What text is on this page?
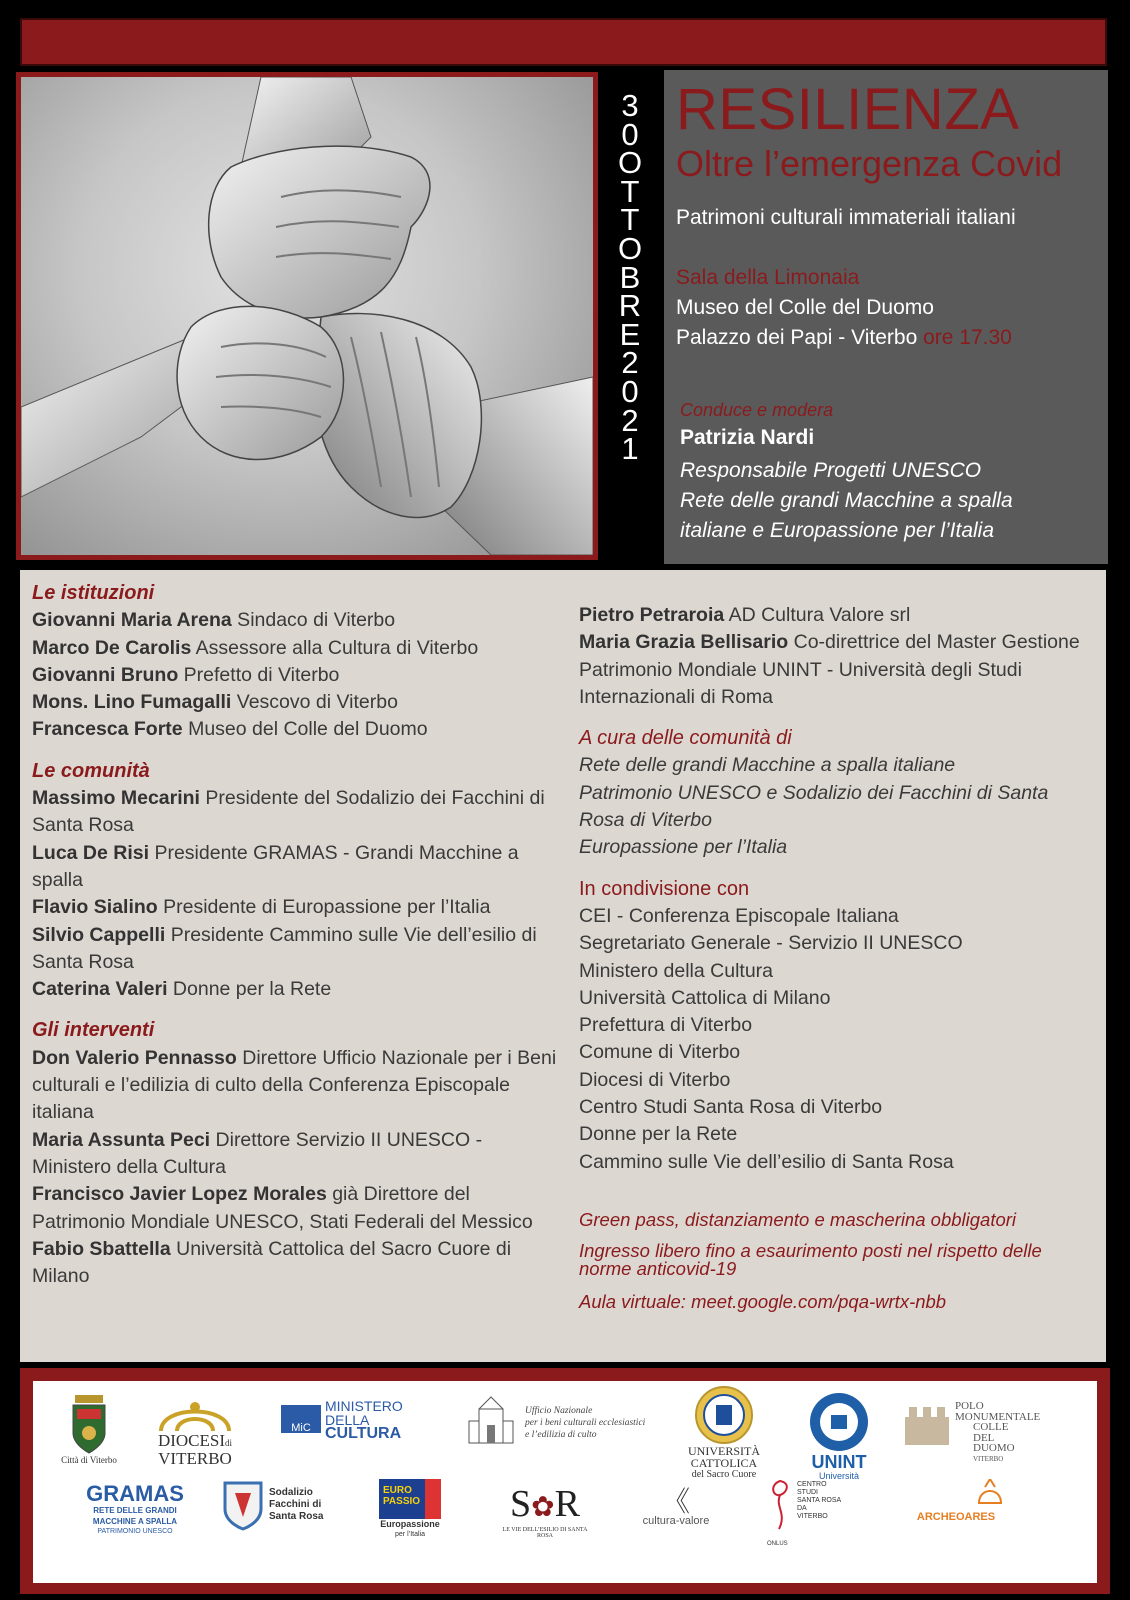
3
0
O
T
T
O
B
R
E
2
0
2
1
RESILIENZA
Oltre l’emergenza Covid
Patrimoni culturali immateriali italiani
Sala della Limonaia
Museo del Colle del Duomo
Palazzo dei Papi - Viterbo ore 17.30
Conduce e modera
Patrizia Nardi
Responsabile Progetti UNESCO
Rete delle grandi Macchine a spalla
italiane e Europassione per l’Italia
Le istituzioni
Giovanni Maria Arena Sindaco di Viterbo
Marco De Carolis Assessore alla Cultura di Viterbo
Giovanni Bruno Prefetto di Viterbo
Mons. Lino Fumagalli Vescovo di Viterbo
Francesca Forte Museo del Colle del Duomo
Le comunità
Massimo Mecarini Presidente del Sodalizio dei Facchini di Santa Rosa
Luca De Risi Presidente GRAMAS - Grandi Macchine a spalla
Flavio Sialino Presidente di Europassione per l’Italia
Silvio Cappelli Presidente Cammino sulle Vie dell’esilio di Santa Rosa
Caterina Valeri Donne per la Rete
Gli interventi
Don Valerio Pennasso Direttore Ufficio Nazionale per i Beni culturali e l’edilizia di culto della Conferenza Episcopale italiana
Maria Assunta Peci Direttore Servizio II UNESCO - Ministero della Cultura
Francisco Javier Lopez Morales già Direttore del Patrimonio Mondiale UNESCO, Stati Federali del Messico
Fabio Sbattella Università Cattolica del Sacro Cuore di Milano
Pietro Petraroia AD Cultura Valore srl
Maria Grazia Bellisario Co-direttrice del Master Gestione Patrimonio Mondiale UNINT - Università degli Studi Internazionali di Roma
A cura delle comunità di
Rete delle grandi Macchine a spalla italiane
Patrimonio UNESCO e Sodalizio dei Facchini di Santa Rosa di Viterbo
Europassione per l’Italia
In condivisione con
CEI - Conferenza Episcopale Italiana
Segretariato Generale - Servizio II UNESCO
Ministero della Cultura
Università Cattolica di Milano
Prefettura di Viterbo
Comune di Viterbo
Diocesi di Viterbo
Centro Studi Santa Rosa di Viterbo
Donne per la Rete
Cammino sulle Vie dell’esilio di Santa Rosa
Green pass, distanziamento e mascherina obbligatori
Ingresso libero fino a esaurimento posti nel rispetto delle norme anticovid-19
Aula virtuale: meet.google.com/pqa-wrtx-nbb
Città di Viterbo
DIOCESIdi
VITERBO
MiC
MINISTERO
DELLA
CULTURA
Ufficio Nazionale
per i beni culturali ecclesiastici
e l’edilizia di culto
UNIVERSITÀ
CATTOLICA
del Sacro Cuore
UNINT
Università
POLO
MONUMENTALE
COLLE
DEL
DUOMO
VITERBO
GRAMAS
RETE DELLE GRANDI
MACCHINE A SPALLA
PATRIMONIO UNESCO
Sodalizio
Facchini di
Santa Rosa
EURO
PASSIO
Europassione
per l’Italia
S✿R
LE VIE DELL’ESILIO DI SANTA ROSA
《
cultura-valore
CENTRO
STUDI
SANTA ROSA
DA
VITERBO
ONLUS
ARCHEOARES
